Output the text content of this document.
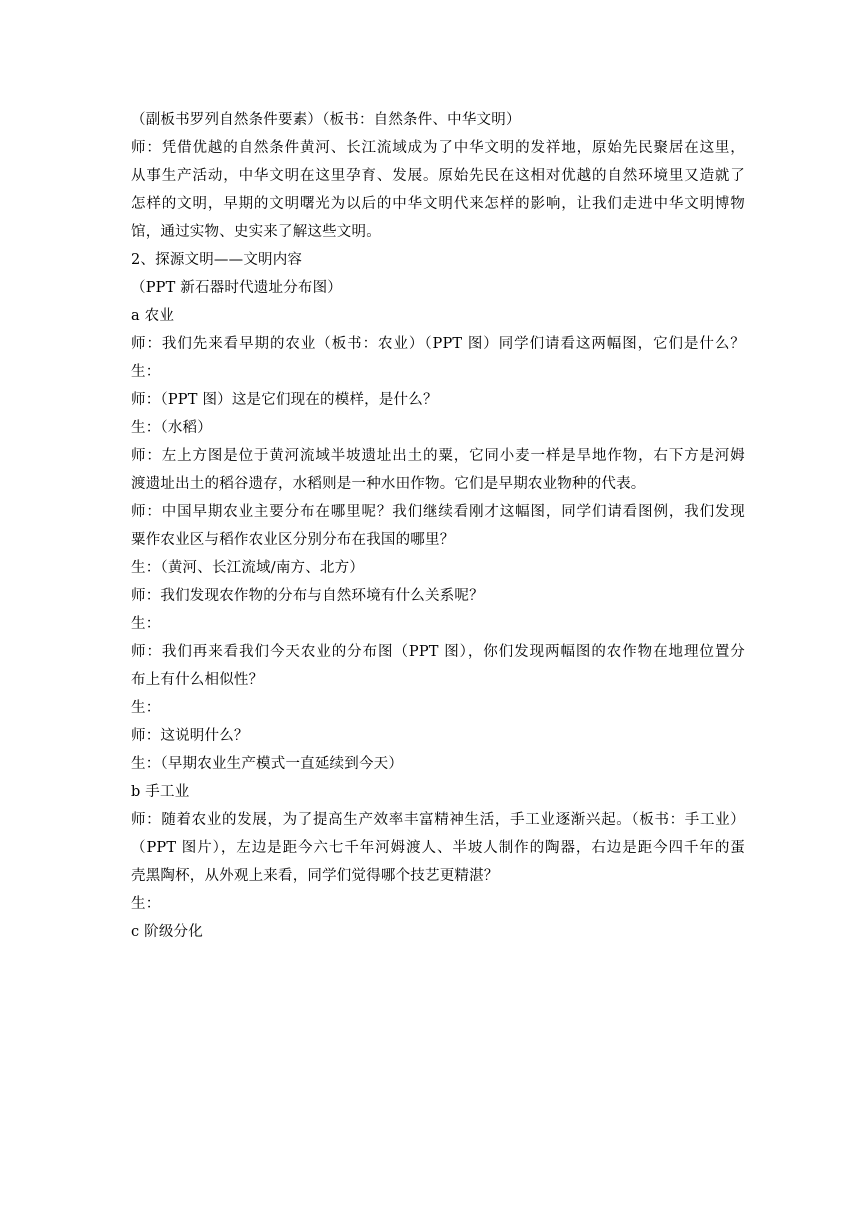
（副板书罗列自然条件要素）（板书：自然条件、中华文明）

师：凭借优越的自然条件黄河、长江流域成为了中华文明的发祥地，原始先民聚居在这里，

从事生产活动，中华文明在这里孕育、发展。原始先民在这相对优越的自然环境里又造就了

怎样的文明，早期的文明曙光为以后的中华文明代来怎样的影响，让我们走进中华文明博物

馆，通过实物、史实来了解这些文明。

2、探源文明——文明内容

（PPT 新石器时代遗址分布图）

a 农业

师：我们先来看早期的农业（板书：农业）（PPT 图）同学们请看这两幅图，它们是什么？

生：

师：（PPT 图）这是它们现在的模样，是什么？

生：（水稻）

师：左上方图是位于黄河流域半坡遗址出土的粟，它同小麦一样是旱地作物，右下方是河姆

渡遗址出土的稻谷遗存，水稻则是一种水田作物。它们是早期农业物种的代表。

师：中国早期农业主要分布在哪里呢？我们继续看刚才这幅图，同学们请看图例，我们发现

粟作农业区与稻作农业区分别分布在我国的哪里？

生：（黄河、长江流域/南方、北方）

师：我们发现农作物的分布与自然环境有什么关系呢？

生：

师：我们再来看我们今天农业的分布图（PPT 图），你们发现两幅图的农作物在地理位置分

布上有什么相似性？

生：

师：这说明什么？

生：（早期农业生产模式一直延续到今天）

b 手工业

师：随着农业的发展，为了提高生产效率丰富精神生活，手工业逐渐兴起。（板书：手工业）

（PPT 图片），左边是距今六七千年河姆渡人、半坡人制作的陶器，右边是距今四千年的蛋

壳黑陶杯，从外观上来看，同学们觉得哪个技艺更精湛？

生：

c 阶级分化
